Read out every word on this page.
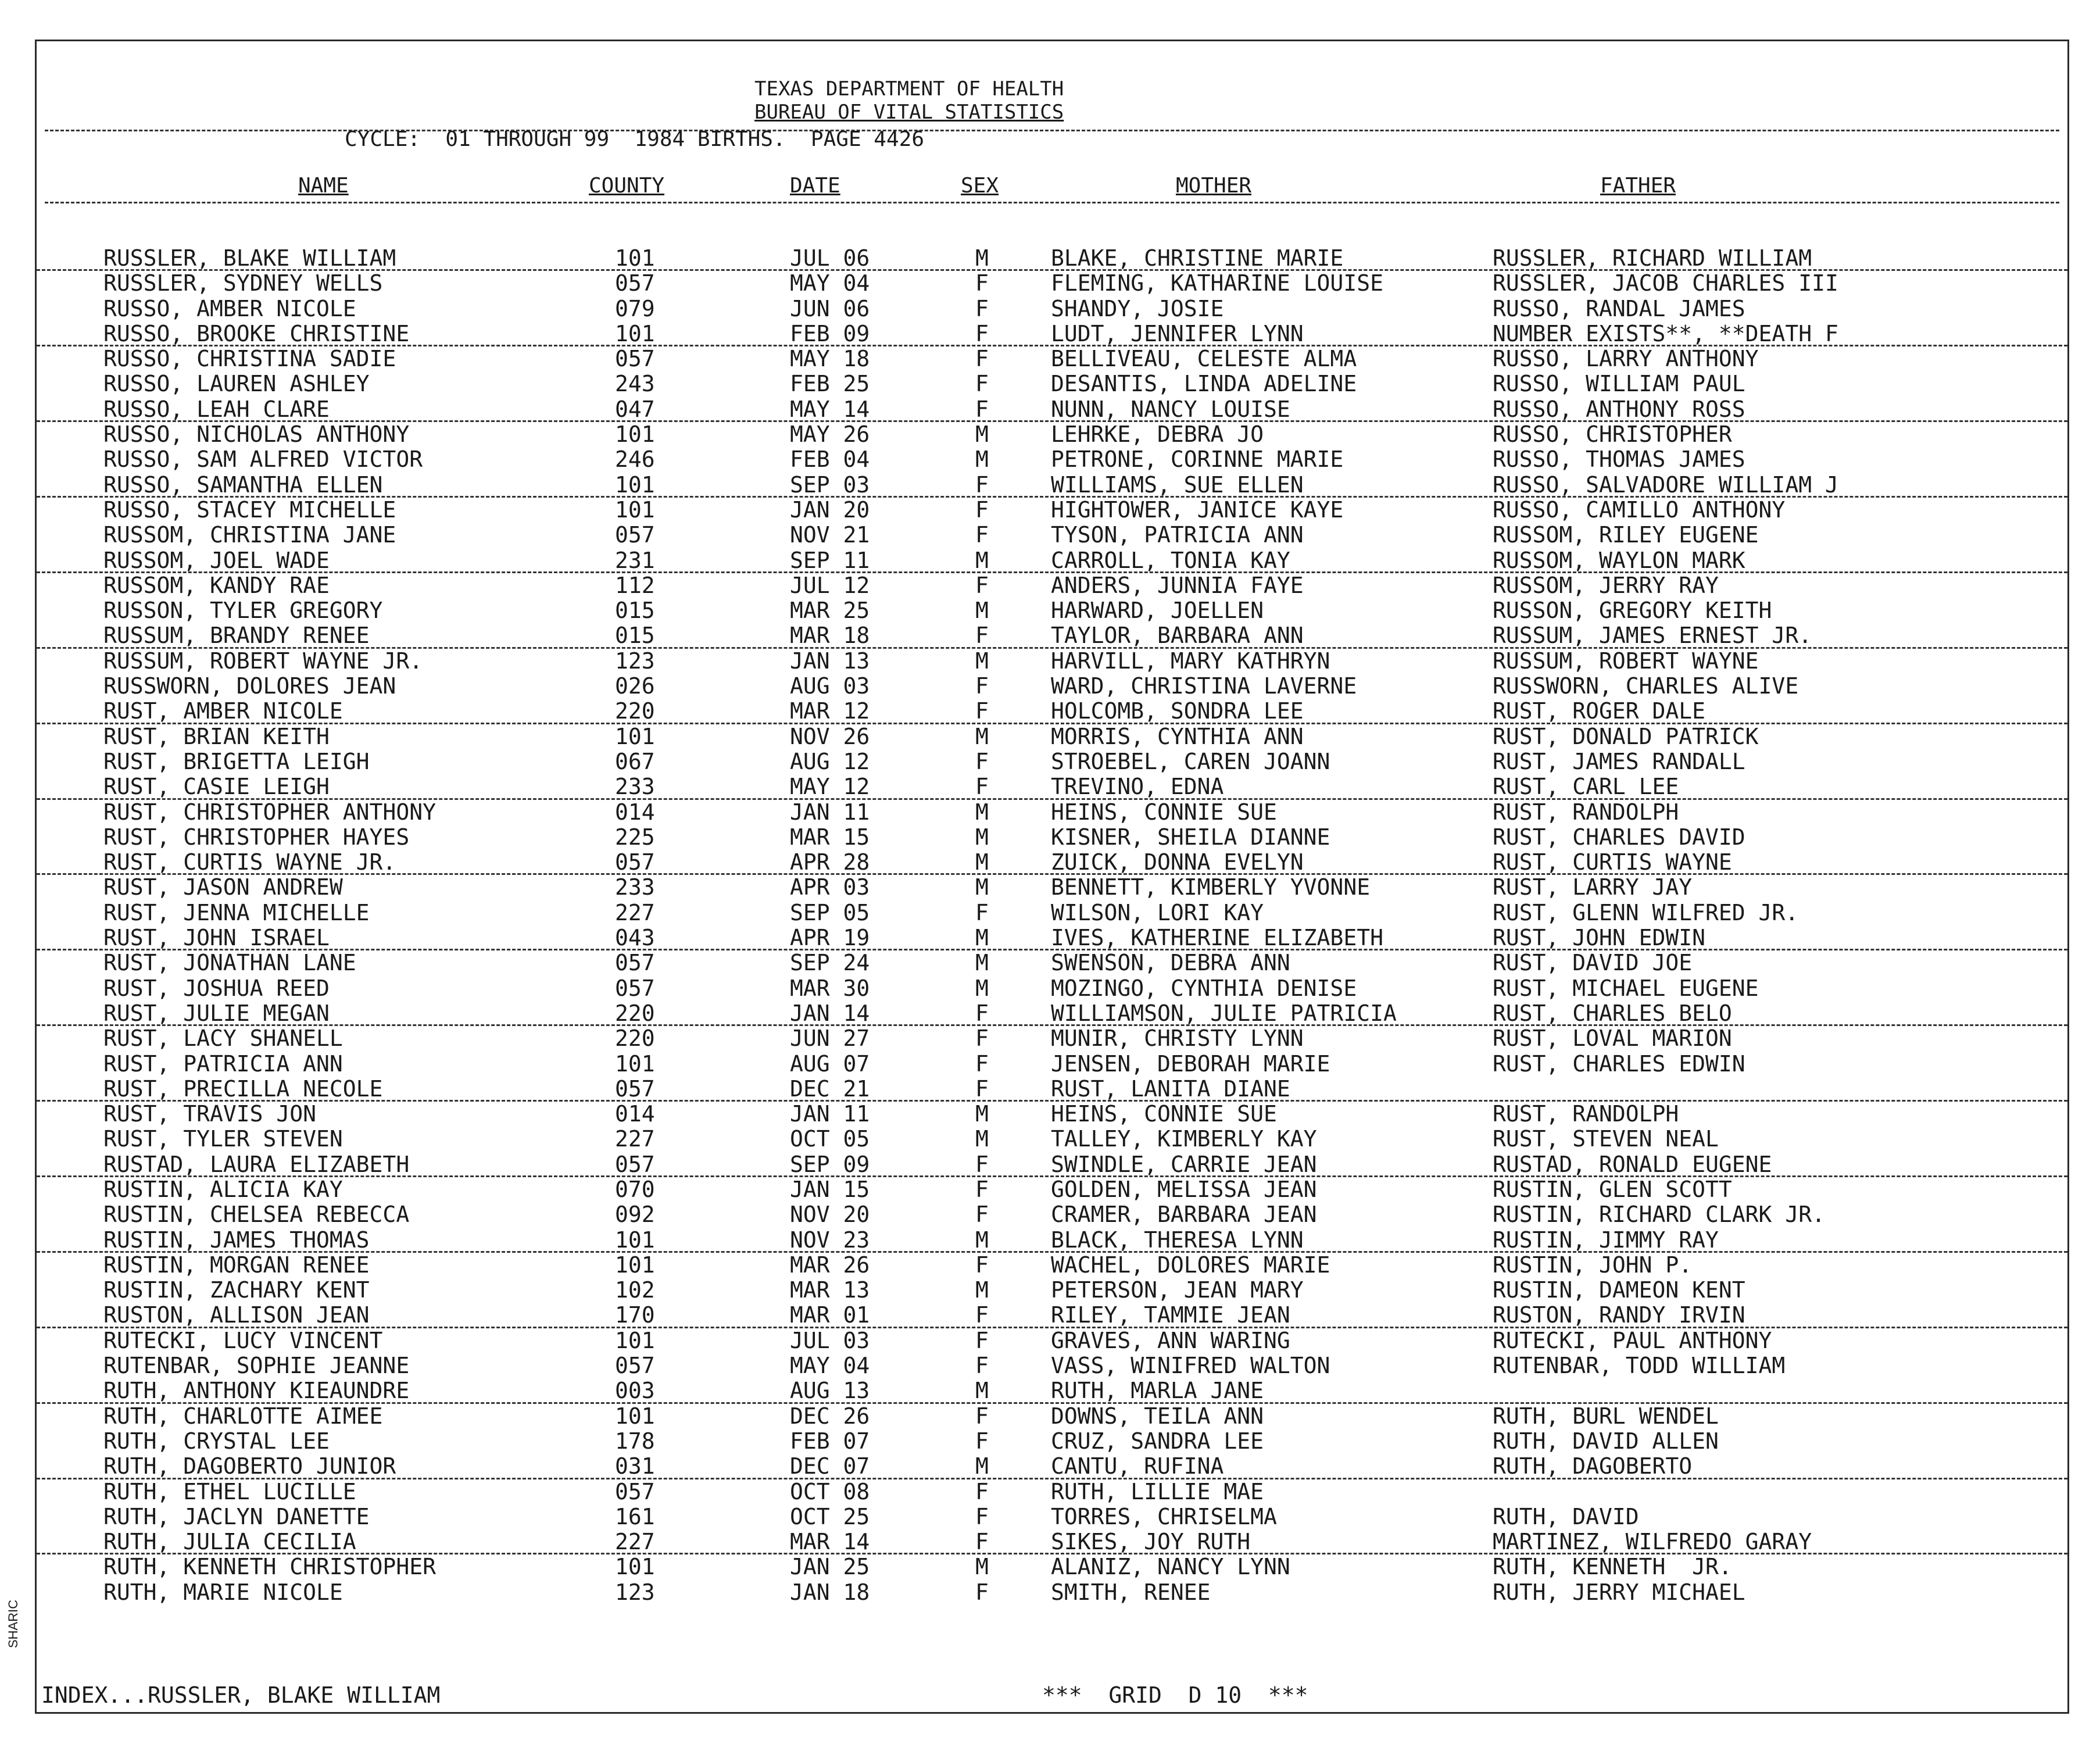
TEXAS DEPARTMENT OF HEALTH
BUREAU OF VITAL STATISTICS
CYCLE:  01 THROUGH 99  1984 BIRTHS.  PAGE 4426
NAME	COUNTY	DATE	SEX	MOTHER	FATHER
RUSSLER, BLAKE WILLIAM	101	JUL 06	M	BLAKE, CHRISTINE MARIE	RUSSLER, RICHARD WILLIAM
RUSSLER, SYDNEY WELLS	057	MAY 04	F	FLEMING, KATHARINE LOUISE	RUSSLER, JACOB CHARLES III
RUSSO, AMBER NICOLE	079	JUN 06	F	SHANDY, JOSIE	RUSSO, RANDAL JAMES
RUSSO, BROOKE CHRISTINE	101	FEB 09	F	LUDT, JENNIFER LYNN	NUMBER EXISTS**, **DEATH F
RUSSO, CHRISTINA SADIE	057	MAY 18	F	BELLIVEAU, CELESTE ALMA	RUSSO, LARRY ANTHONY
RUSSO, LAUREN ASHLEY	243	FEB 25	F	DESANTIS, LINDA ADELINE	RUSSO, WILLIAM PAUL
RUSSO, LEAH CLARE	047	MAY 14	F	NUNN, NANCY LOUISE	RUSSO, ANTHONY ROSS
RUSSO, NICHOLAS ANTHONY	101	MAY 26	M	LEHRKE, DEBRA JO	RUSSO, CHRISTOPHER
RUSSO, SAM ALFRED VICTOR	246	FEB 04	M	PETRONE, CORINNE MARIE	RUSSO, THOMAS JAMES
RUSSO, SAMANTHA ELLEN	101	SEP 03	F	WILLIAMS, SUE ELLEN	RUSSO, SALVADORE WILLIAM J
RUSSO, STACEY MICHELLE	101	JAN 20	F	HIGHTOWER, JANICE KAYE	RUSSO, CAMILLO ANTHONY
RUSSOM, CHRISTINA JANE	057	NOV 21	F	TYSON, PATRICIA ANN	RUSSOM, RILEY EUGENE
RUSSOM, JOEL WADE	231	SEP 11	M	CARROLL, TONIA KAY	RUSSOM, WAYLON MARK
RUSSOM, KANDY RAE	112	JUL 12	F	ANDERS, JUNNIA FAYE	RUSSOM, JERRY RAY
RUSSON, TYLER GREGORY	015	MAR 25	M	HARWARD, JOELLEN	RUSSON, GREGORY KEITH
RUSSUM, BRANDY RENEE	015	MAR 18	F	TAYLOR, BARBARA ANN	RUSSUM, JAMES ERNEST JR.
RUSSUM, ROBERT WAYNE JR.	123	JAN 13	M	HARVILL, MARY KATHRYN	RUSSUM, ROBERT WAYNE
RUSSWORN, DOLORES JEAN	026	AUG 03	F	WARD, CHRISTINA LAVERNE	RUSSWORN, CHARLES ALIVE
RUST, AMBER NICOLE	220	MAR 12	F	HOLCOMB, SONDRA LEE	RUST, ROGER DALE
RUST, BRIAN KEITH	101	NOV 26	M	MORRIS, CYNTHIA ANN	RUST, DONALD PATRICK
RUST, BRIGETTA LEIGH	067	AUG 12	F	STROEBEL, CAREN JOANN	RUST, JAMES RANDALL
RUST, CASIE LEIGH	233	MAY 12	F	TREVINO, EDNA	RUST, CARL LEE
RUST, CHRISTOPHER ANTHONY	014	JAN 11	M	HEINS, CONNIE SUE	RUST, RANDOLPH
RUST, CHRISTOPHER HAYES	225	MAR 15	M	KISNER, SHEILA DIANNE	RUST, CHARLES DAVID
RUST, CURTIS WAYNE JR.	057	APR 28	M	ZUICK, DONNA EVELYN	RUST, CURTIS WAYNE
RUST, JASON ANDREW	233	APR 03	M	BENNETT, KIMBERLY YVONNE	RUST, LARRY JAY
RUST, JENNA MICHELLE	227	SEP 05	F	WILSON, LORI KAY	RUST, GLENN WILFRED JR.
RUST, JOHN ISRAEL	043	APR 19	M	IVES, KATHERINE ELIZABETH	RUST, JOHN EDWIN
RUST, JONATHAN LANE	057	SEP 24	M	SWENSON, DEBRA ANN	RUST, DAVID JOE
RUST, JOSHUA REED	057	MAR 30	M	MOZINGO, CYNTHIA DENISE	RUST, MICHAEL EUGENE
RUST, JULIE MEGAN	220	JAN 14	F	WILLIAMSON, JULIE PATRICIA	RUST, CHARLES BELO
RUST, LACY SHANELL	220	JUN 27	F	MUNIR, CHRISTY LYNN	RUST, LOVAL MARION
RUST, PATRICIA ANN	101	AUG 07	F	JENSEN, DEBORAH MARIE	RUST, CHARLES EDWIN
RUST, PRECILLA NECOLE	057	DEC 21	F	RUST, LANITA DIANE
RUST, TRAVIS JON	014	JAN 11	M	HEINS, CONNIE SUE	RUST, RANDOLPH
RUST, TYLER STEVEN	227	OCT 05	M	TALLEY, KIMBERLY KAY	RUST, STEVEN NEAL
RUSTAD, LAURA ELIZABETH	057	SEP 09	F	SWINDLE, CARRIE JEAN	RUSTAD, RONALD EUGENE
RUSTIN, ALICIA KAY	070	JAN 15	F	GOLDEN, MELISSA JEAN	RUSTIN, GLEN SCOTT
RUSTIN, CHELSEA REBECCA	092	NOV 20	F	CRAMER, BARBARA JEAN	RUSTIN, RICHARD CLARK JR.
RUSTIN, JAMES THOMAS	101	NOV 23	M	BLACK, THERESA LYNN	RUSTIN, JIMMY RAY
RUSTIN, MORGAN RENEE	101	MAR 26	F	WACHEL, DOLORES MARIE	RUSTIN, JOHN P.
RUSTIN, ZACHARY KENT	102	MAR 13	M	PETERSON, JEAN MARY	RUSTIN, DAMEON KENT
RUSTON, ALLISON JEAN	170	MAR 01	F	RILEY, TAMMIE JEAN	RUSTON, RANDY IRVIN
RUTECKI, LUCY VINCENT	101	JUL 03	F	GRAVES, ANN WARING	RUTECKI, PAUL ANTHONY
RUTENBAR, SOPHIE JEANNE	057	MAY 04	F	VASS, WINIFRED WALTON	RUTENBAR, TODD WILLIAM
RUTH, ANTHONY KIEAUNDRE	003	AUG 13	M	RUTH, MARLA JANE
RUTH, CHARLOTTE AIMEE	101	DEC 26	F	DOWNS, TEILA ANN	RUTH, BURL WENDEL
RUTH, CRYSTAL LEE	178	FEB 07	F	CRUZ, SANDRA LEE	RUTH, DAVID ALLEN
RUTH, DAGOBERTO JUNIOR	031	DEC 07	M	CANTU, RUFINA	RUTH, DAGOBERTO
RUTH, ETHEL LUCILLE	057	OCT 08	F	RUTH, LILLIE MAE
RUTH, JACLYN DANETTE	161	OCT 25	F	TORRES, CHRISELMA	RUTH, DAVID
RUTH, JULIA CECILIA	227	MAR 14	F	SIKES, JOY RUTH	MARTINEZ, WILFREDO GARAY
RUTH, KENNETH CHRISTOPHER	101	JAN 25	M	ALANIZ, NANCY LYNN	RUTH, KENNETH  JR.
RUTH, MARIE NICOLE	123	JAN 18	F	SMITH, RENEE	RUTH, JERRY MICHAEL
INDEX...RUSSLER, BLAKE WILLIAM	***  GRID  D 10  ***
SHARIC
